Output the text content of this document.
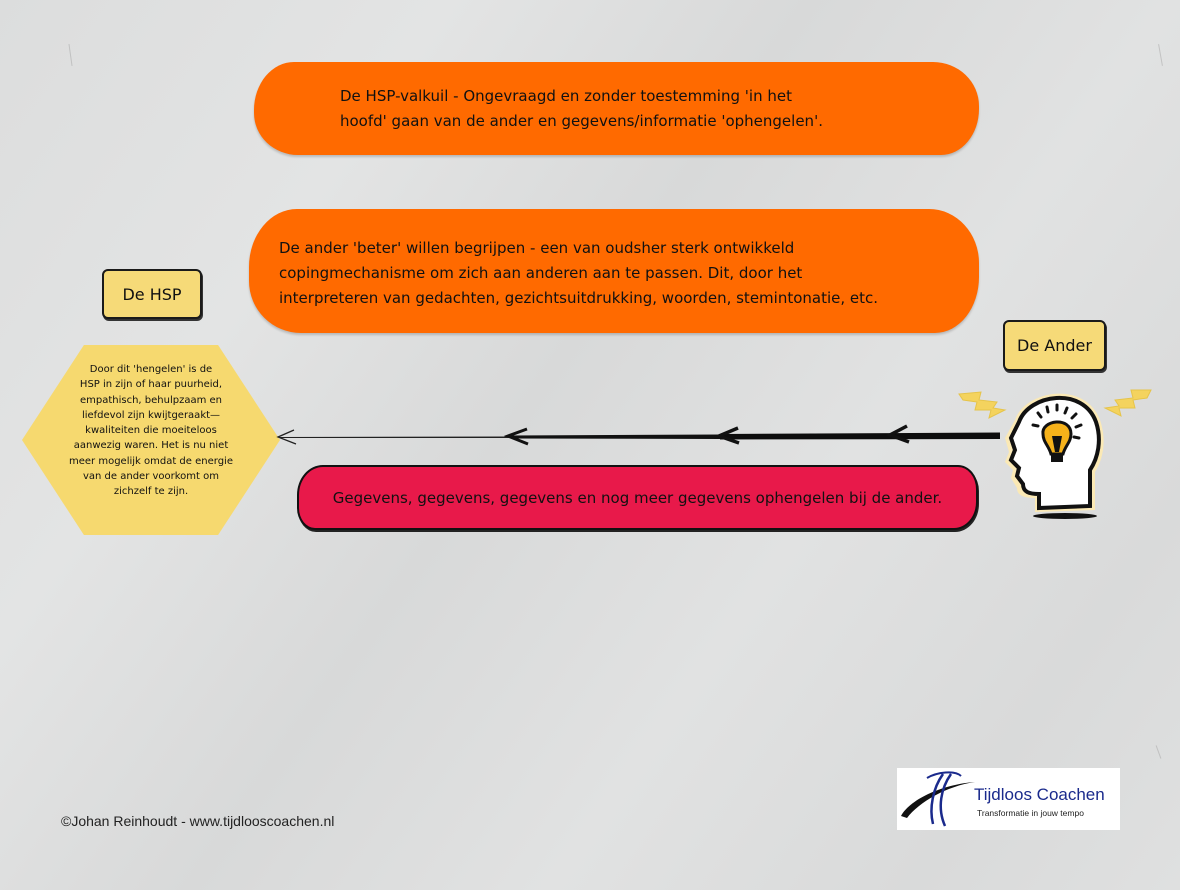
De HSP-valkuil - Ongevraagd en zonder toestemming 'in het
hoofd' gaan van de ander en gegevens/informatie 'ophengelen'.
De ander 'beter' willen begrijpen - een van oudsher sterk ontwikkeld
copingmechanisme om zich aan anderen aan te passen. Dit, door het
interpreteren van gedachten, gezichtsuitdrukking, woorden, stemintonatie, etc.
De HSP
De Ander
Door dit 'hengelen' is de
HSP in zijn of haar puurheid,
empathisch, behulpzaam en
liefdevol zijn kwijtgeraakt—
kwaliteiten die moeiteloos
aanwezig waren. Het is nu niet
meer mogelijk omdat de energie
van de ander voorkomt om
zichzelf te zijn.	Gegevens, gegevens, gegevens en nog meer gegevens ophengelen bij de ander.
©Johan Reinhoudt - www.tijdlooscoachen.nl
Tijdloos Coachen
Transformatie in jouw tempo
